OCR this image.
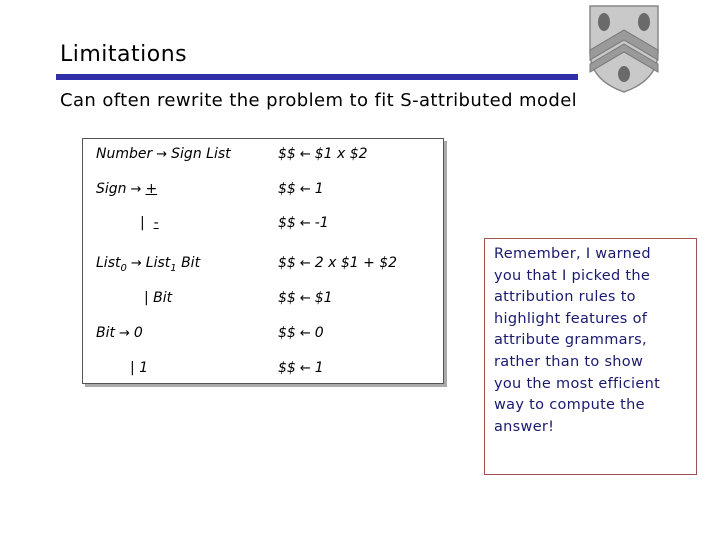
Limitations
Can often rewrite the problem to fit S-attributed model
Number → Sign List	$$ ← $1 x $2
Sign → +	$$ ← 1
| -	$$ ← -1
List$_0$ → List$_1$ Bit	$$ ← 2 x $1 + $2
| Bit	$$ ← $1
Bit → 0	$$ ← 0
| 1	$$ ← 1
Remember, I warned
you that I picked the
attribution rules to
highlight features of
attribute grammars,
rather than to show
you the most efficient
way to compute the
answer!
